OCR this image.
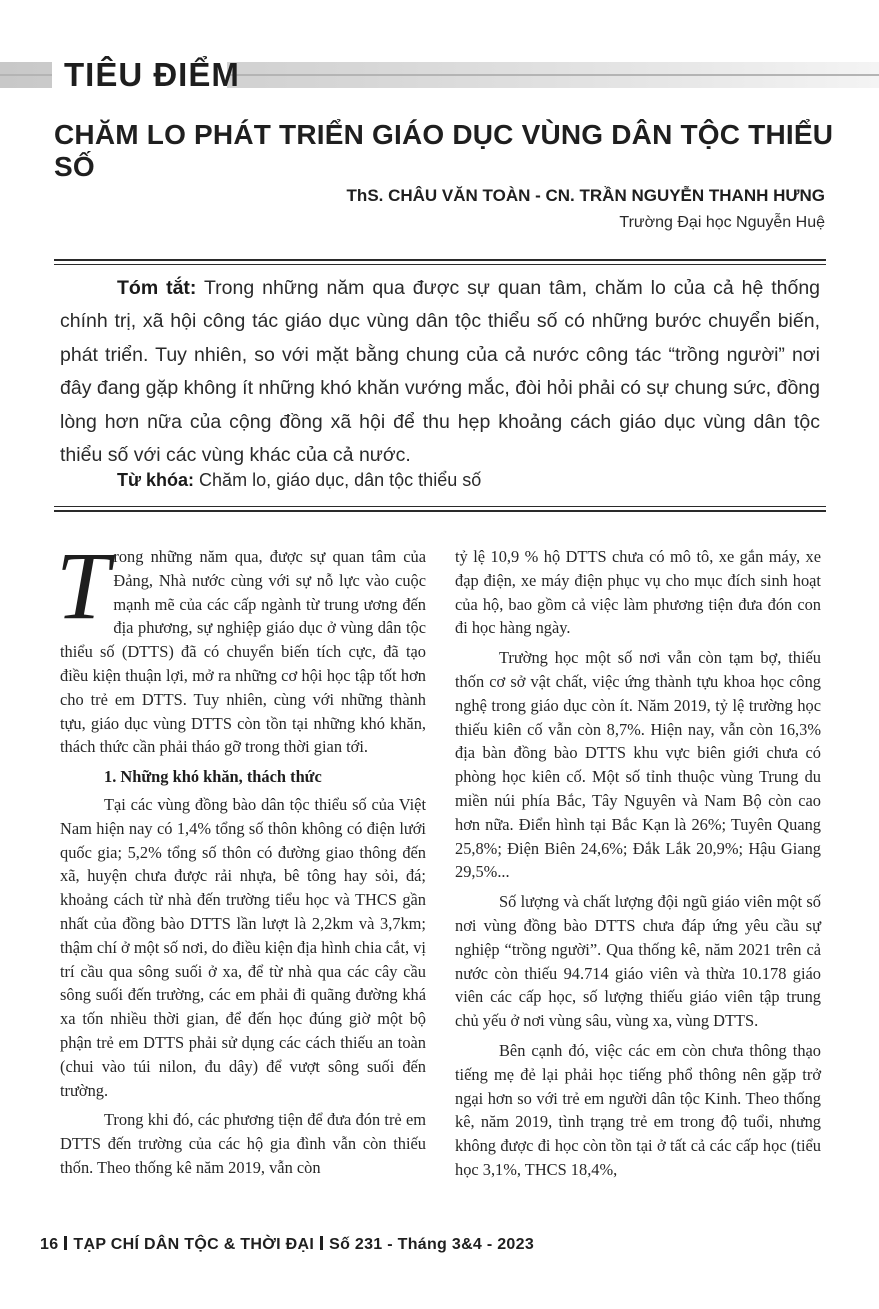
TIÊU ĐIỂM
CHĂM LO PHÁT TRIỂN GIÁO DỤC VÙNG DÂN TỘC THIỂU SỐ
ThS. CHÂU VĂN TOÀN - CN. TRẦN NGUYỄN THANH HƯNG
Trường Đại học Nguyễn Huệ

Tóm tắt: Trong những năm qua được sự quan tâm, chăm lo của cả hệ thống chính trị, xã hội công tác giáo dục vùng dân tộc thiểu số có những bước chuyển biến, phát triển. Tuy nhiên, so với mặt bằng chung của cả nước công tác “trồng người” nơi đây đang gặp không ít những khó khăn vướng mắc, đòi hỏi phải có sự chung sức, đồng lòng hơn nữa của cộng đồng xã hội để thu hẹp khoảng cách giáo dục vùng dân tộc thiểu số với các vùng khác của cả nước.

Từ khóa: Chăm lo, giáo dục, dân tộc thiểu số

Trong những năm qua, được sự quan tâm của Đảng, Nhà nước cùng với sự nỗ lực vào cuộc mạnh mẽ của các cấp ngành từ trung ương đến địa phương, sự nghiệp giáo dục ở vùng dân tộc thiểu số (DTTS) đã có chuyển biến tích cực, đã tạo điều kiện thuận lợi, mở ra những cơ hội học tập tốt hơn cho trẻ em DTTS. Tuy nhiên, cùng với những thành tựu, giáo dục vùng DTTS còn tồn tại những khó khăn, thách thức cần phải tháo gỡ trong thời gian tới.

1. Những khó khăn, thách thức

Tại các vùng đồng bào dân tộc thiểu số của Việt Nam hiện nay có 1,4% tổng số thôn không có điện lưới quốc gia; 5,2% tổng số thôn có đường giao thông đến xã, huyện chưa được rải nhựa, bê tông hay sỏi, đá; khoảng cách từ nhà đến trường tiểu học và THCS gần nhất của đồng bào DTTS lần lượt là 2,2km và 3,7km; thậm chí ở một số nơi, do điều kiện địa hình chia cắt, vị trí cầu qua sông suối ở xa, để từ nhà qua các cây cầu sông suối đến trường, các em phải đi quãng đường khá xa tốn nhiều thời gian, để đến học đúng giờ một bộ phận trẻ em DTTS phải sử dụng các cách thiếu an toàn (chui vào túi nilon, đu dây) để vượt sông suối đến trường.

Trong khi đó, các phương tiện để đưa đón trẻ em DTTS đến trường của các hộ gia đình vẫn còn thiếu thốn. Theo thống kê năm 2019, vẫn còn

tỷ lệ 10,9 % hộ DTTS chưa có mô tô, xe gắn máy, xe đạp điện, xe máy điện phục vụ cho mục đích sinh hoạt của hộ, bao gồm cả việc làm phương tiện đưa đón con đi học hàng ngày.

Trường học một số nơi vẫn còn tạm bợ, thiếu thốn cơ sở vật chất, việc ứng thành tựu khoa học công nghệ trong giáo dục còn ít. Năm 2019, tỷ lệ trường học thiếu kiên cố vẫn còn 8,7%. Hiện nay, vẫn còn 16,3% địa bàn đồng bào DTTS khu vực biên giới chưa có phòng học kiên cố. Một số tỉnh thuộc vùng Trung du miền núi phía Bắc, Tây Nguyên và Nam Bộ còn cao hơn nữa. Điển hình tại Bắc Kạn là 26%; Tuyên Quang 25,8%; Điện Biên 24,6%; Đắk Lắk 20,9%; Hậu Giang 29,5%...

Số lượng và chất lượng đội ngũ giáo viên một số nơi vùng đồng bào DTTS chưa đáp ứng yêu cầu sự nghiệp “trồng người”. Qua thống kê, năm 2021 trên cả nước còn thiếu 94.714 giáo viên và thừa 10.178 giáo viên các cấp học, số lượng thiếu giáo viên tập trung chủ yếu ở nơi vùng sâu, vùng xa, vùng DTTS.

Bên cạnh đó, việc các em còn chưa thông thạo tiếng mẹ đẻ lại phải học tiếng phổ thông nên gặp trở ngại hơn so với trẻ em người dân tộc Kinh. Theo thống kê, năm 2019, tình trạng trẻ em trong độ tuổi, nhưng không được đi học còn tồn tại ở tất cả các cấp học (tiểu học 3,1%, THCS 18,4%,

16 TẠP CHÍ DÂN TỘC & THỜI ĐẠI Số 231 - Tháng 3&4 - 2023
